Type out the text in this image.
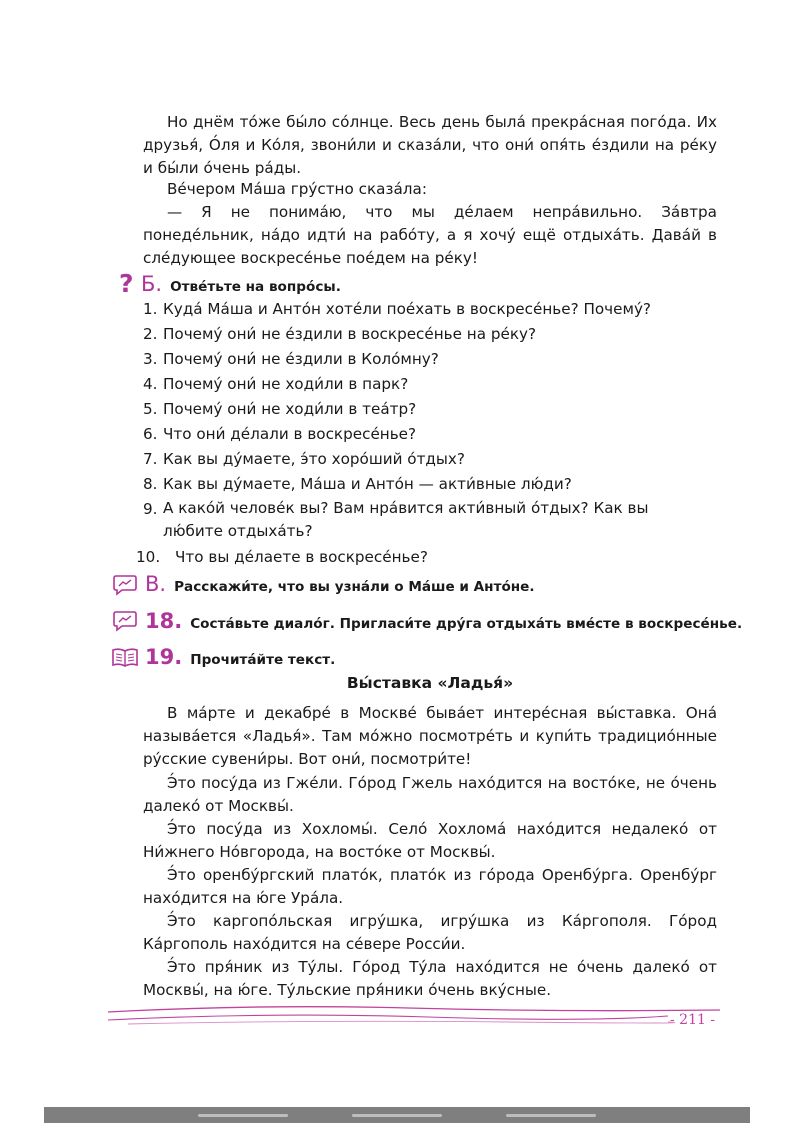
Но днём то́же бы́ло со́лнце. Весь день была́ прекра́сная пого́да. Их друзья́, О́ля и Ко́ля, звони́ли и сказа́ли, что они́ опя́ть е́здили на ре́ку и бы́ли о́чень ра́ды.
Ве́чером Ма́ша гру́стно сказа́ла:
— Я не понима́ю, что мы де́лаем непра́вильно. За́втра понеде́льник, на́до идти́ на рабо́ту, а я хочу́ ещё отдыха́ть. Дава́й в сле́дующее воскресе́нье поéдем на ре́ку!
? Б. Отве́тьте на вопро́сы.
1. Куда́ Ма́ша и Анто́н хоте́ли пое́хать в воскресе́нье? Почему́?
2. Почему́ они́ не е́здили в воскресе́нье на ре́ку?
3. Почему́ они́ не е́здили в Коло́мну?
4. Почему́ они́ не ходи́ли в парк?
5. Почему́ они́ не ходи́ли в теа́тр?
6. Что они́ де́лали в воскресе́нье?
7. Как вы ду́маете, э́то хоро́ший о́тдых?
8. Как вы ду́маете, Ма́ша и Анто́н — акти́вные лю́ди?
9. А како́й челове́к вы? Вам нра́вится акти́вный о́тдых? Как вы лю́бите отдыха́ть?
10. Что вы де́лаете в воскресе́нье?
В. Расскажи́те, что вы узна́ли о Ма́ше и Анто́не.
18. Соста́вьте диало́г. Пригласи́те дру́га отдыха́ть вме́сте в воскресе́нье.
19. Прочита́йте текст.
Вы́ставка «Ладья́»
В ма́рте и декабре́ в Москве́ быва́ет интере́сная вы́ставка. Она́ называ́ется «Ладья́». Там мо́жно посмотре́ть и купи́ть традицио́нные ру́сские сувени́ры. Вот они́, посмотри́те!
Э́то посу́да из Гже́ли. Го́род Гжель нахо́дится на восто́ке, не о́чень далеко́ от Москвы́.
Э́то посу́да из Хохломы́. Село́ Хохлома́ нахо́дится недалеко́ от Ни́жнего Но́вгорода, на восто́ке от Москвы́.
Э́то оренбу́ргский плато́к, плато́к из го́рода Оренбу́рга. Оренбу́рг нахо́дится на ю́ге Ура́ла.
Э́то каргопо́льская игру́шка, игру́шка из Ка́ргополя. Го́род Ка́ргополь нахо́дится на се́вере Росси́и.
Э́то пря́ник из Ту́лы. Го́род Ту́ла нахо́дится не о́чень далеко́ от Москвы́, на ю́ге. Ту́льские пря́ники о́чень вку́сные.
- 211 -
